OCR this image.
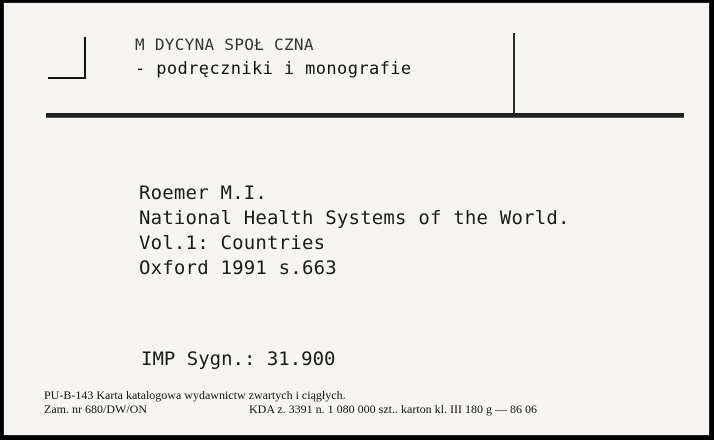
M DYCYNA SPOŁ CZNA
- podręczniki i monografie
Roemer M.I.
National Health Systems of the World.
Vol.1: Countries
Oxford 1991 s.663
IMP Sygn.: 31.900
PU-B-143 Karta katalogowa wydawnictw zwartych i ciągłych.
Zam. nr 680/DW/ON	KDA z. 3391 n. 1 080 000 szt.. karton kl. III 180 g — 86 06
